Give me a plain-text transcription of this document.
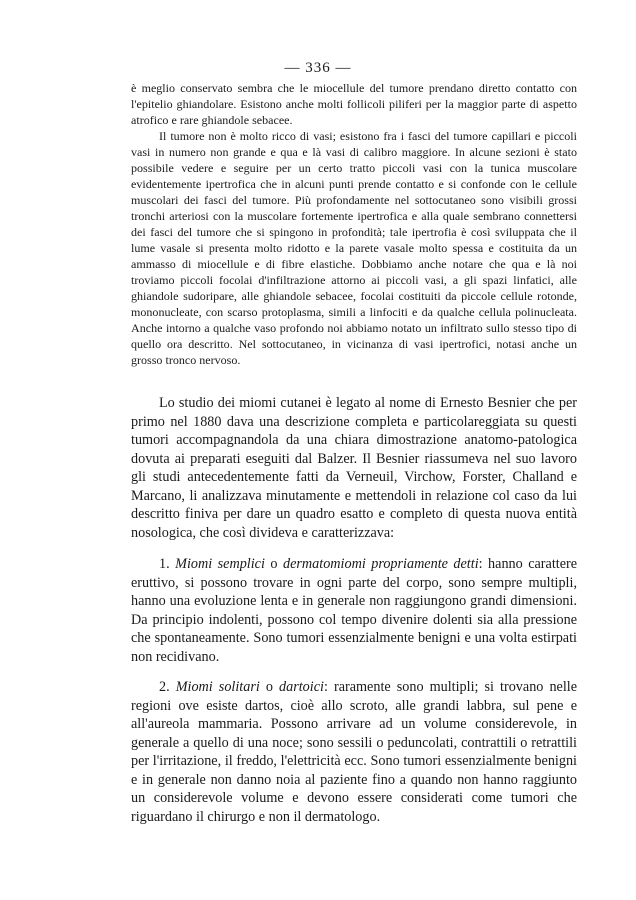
— 336 —

è meglio conservato sembra che le miocellule del tumore prendano diretto contatto con l'epitelio ghiandolare. Esistono anche molti follicoli piliferi per la maggior parte di aspetto atrofico e rare ghiandole sebacee.

Il tumore non è molto ricco di vasi; esistono fra i fasci del tumore capillari e piccoli vasi in numero non grande e qua e là vasi di calibro maggiore. In alcune sezioni è stato possibile vedere e seguire per un certo tratto piccoli vasi con la tunica muscolare evidentemente ipertrofica che in alcuni punti prende contatto e si confonde con le cellule muscolari dei fasci del tumore. Più profondamente nel sottocutaneo sono visibili grossi tronchi arteriosi con la muscolare fortemente ipertrofica e alla quale sembrano connettersi dei fasci del tumore che si spingono in profondità; tale ipertrofia è così sviluppata che il lume vasale si presenta molto ridotto e la parete vasale molto spessa e costituita da un ammasso di miocellule e di fibre elastiche. Dobbiamo anche notare che qua e là noi troviamo piccoli focolai d'infiltrazione attorno ai piccoli vasi, a gli spazi linfatici, alle ghiandole sudoripare, alle ghiandole sebacee, focolai costituiti da piccole cellule rotonde, mononucleate, con scarso protoplasma, simili a linfociti e da qualche cellula polinucleata. Anche intorno a qualche vaso profondo noi abbiamo notato un infiltrato sullo stesso tipo di quello ora descritto. Nel sottocutaneo, in vicinanza di vasi ipertrofici, notasi anche un grosso tronco nervoso.

Lo studio dei miomi cutanei è legato al nome di Ernesto Besnier che per primo nel 1880 dava una descrizione completa e particolareggiata su questi tumori accompagnandola da una chiara dimostrazione anatomo-patologica dovuta ai preparati eseguiti dal Balzer. Il Besnier riassumeva nel suo lavoro gli studi antecedentemente fatti da Verneuil, Virchow, Forster, Challand e Marcano, li analizzava minutamente e mettendoli in relazione col caso da lui descritto finiva per dare un quadro esatto e completo di questa nuova entità nosologica, che così divideva e caratterizzava:

1. Miomi semplici o dermatomiomi propriamente detti: hanno carattere eruttivo, si possono trovare in ogni parte del corpo, sono sempre multipli, hanno una evoluzione lenta e in generale non raggiungono grandi dimensioni. Da principio indolenti, possono col tempo divenire dolenti sia alla pressione che spontaneamente. Sono tumori essenzialmente benigni e una volta estirpati non recidivano.

2. Miomi solitari o dartoici: raramente sono multipli; si trovano nelle regioni ove esiste dartos, cioè allo scroto, alle grandi labbra, sul pene e all'aureola mammaria. Possono arrivare ad un volume considerevole, in generale a quello di una noce; sono sessili o peduncolati, contrattili o retrattili per l'irritazione, il freddo, l'elettricità ecc. Sono tumori essenzialmente benigni e in generale non danno noia al paziente fino a quando non hanno raggiunto un considerevole volume e devono essere considerati come tumori che riguardano il chirurgo e non il dermatologo.
